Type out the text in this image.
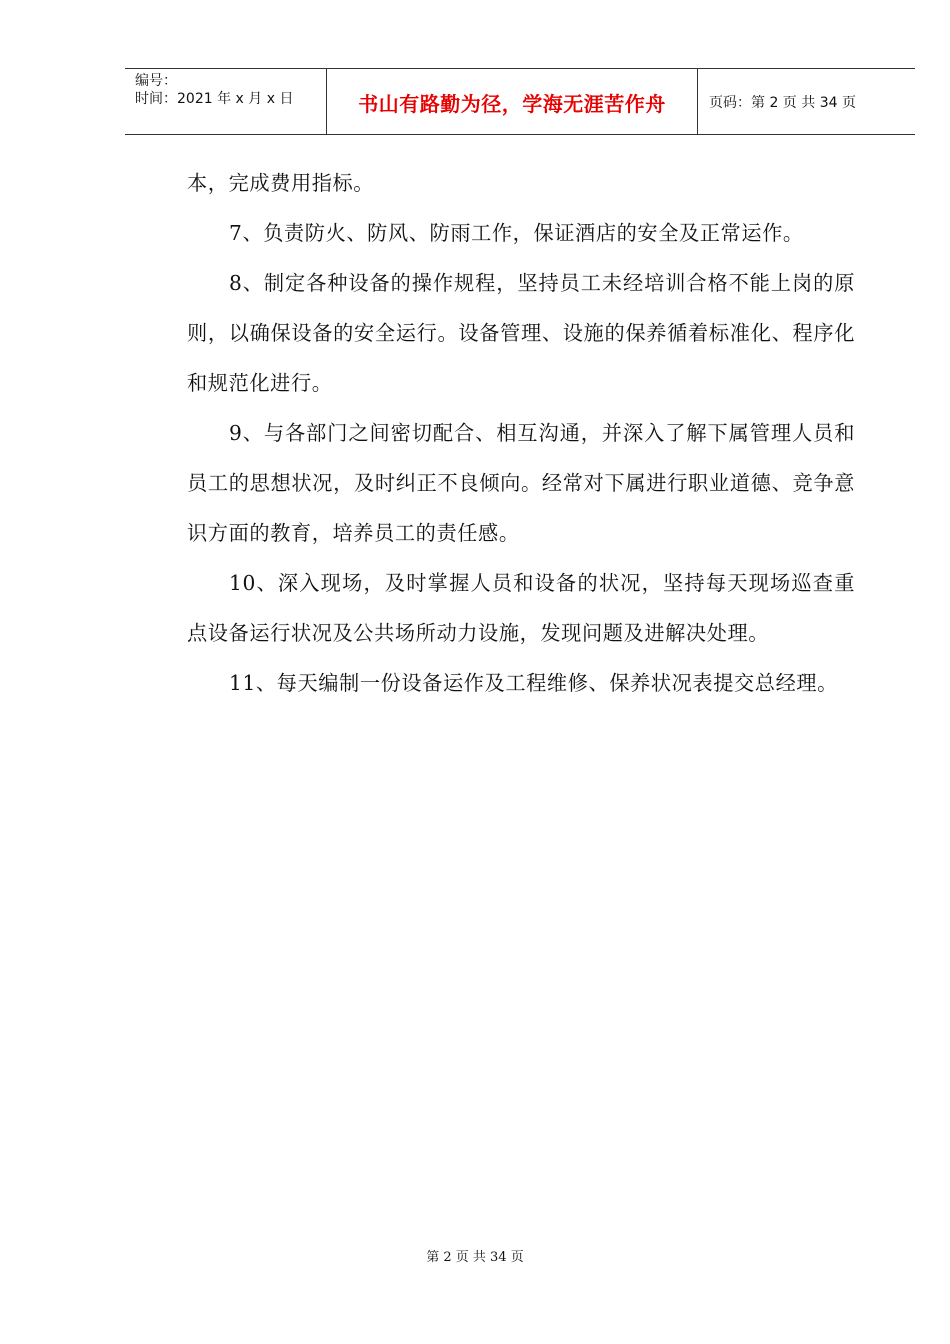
编号：
时间：2021 年 x 月 x 日	书山有路勤为径，学海无涯苦作舟	页码：第 2 页 共 34 页

本，完成费用指标。

7、负责防火、防风、防雨工作，保证酒店的安全及正常运作。

8、制定各种设备的操作规程，坚持员工未经培训合格不能上岗的原则，以确保设备的安全运行。设备管理、设施的保养循着标准化、程序化和规范化进行。

9、与各部门之间密切配合、相互沟通，并深入了解下属管理人员和员工的思想状况，及时纠正不良倾向。经常对下属进行职业道德、竞争意识方面的教育，培养员工的责任感。

10、深入现场，及时掌握人员和设备的状况，坚持每天现场巡查重点设备运行状况及公共场所动力设施，发现问题及进解决处理。

11、每天编制一份设备运作及工程维修、保养状况表提交总经理。

第 2 页 共 34 页
